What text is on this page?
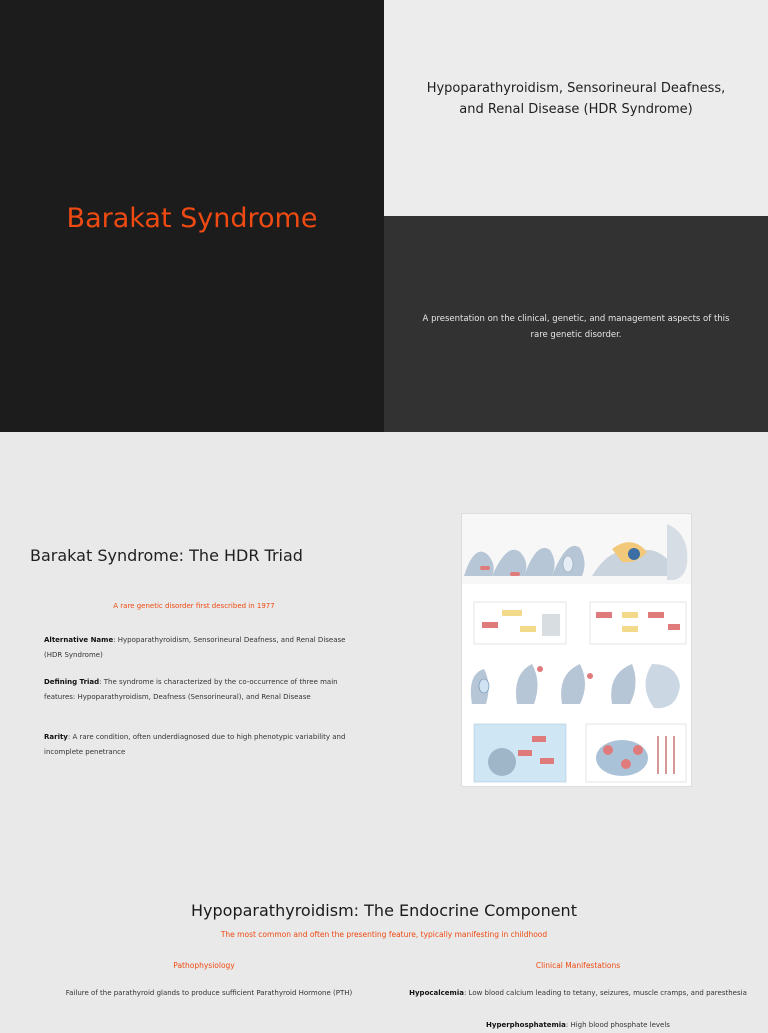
Barakat Syndrome
Hypoparathyroidism, Sensorineural Deafness, and Renal Disease (HDR Syndrome)
A presentation on the clinical, genetic, and management aspects of this rare genetic disorder.
Barakat Syndrome: The HDR Triad
A rare genetic disorder first described in 1977
Alternative Name: Hypoparathyroidism, Sensorineural Deafness, and Renal Disease (HDR Syndrome)
Defining Triad: The syndrome is characterized by the co-occurrence of three main features: Hypoparathyroidism, Deafness (Sensorineural), and Renal Disease
Rarity: A rare condition, often underdiagnosed due to high phenotypic variability and incomplete penetrance
Hypoparathyroidism: The Endocrine Component
The most common and often the presenting feature, typically manifesting in childhood
Pathophysiology
Failure of the parathyroid glands to produce sufficient Parathyroid Hormone (PTH)
Clinical Manifestations
Hypocalcemia: Low blood calcium leading to tetany, seizures, muscle cramps, and paresthesia
Hyperphosphatemia: High blood phosphate levels
